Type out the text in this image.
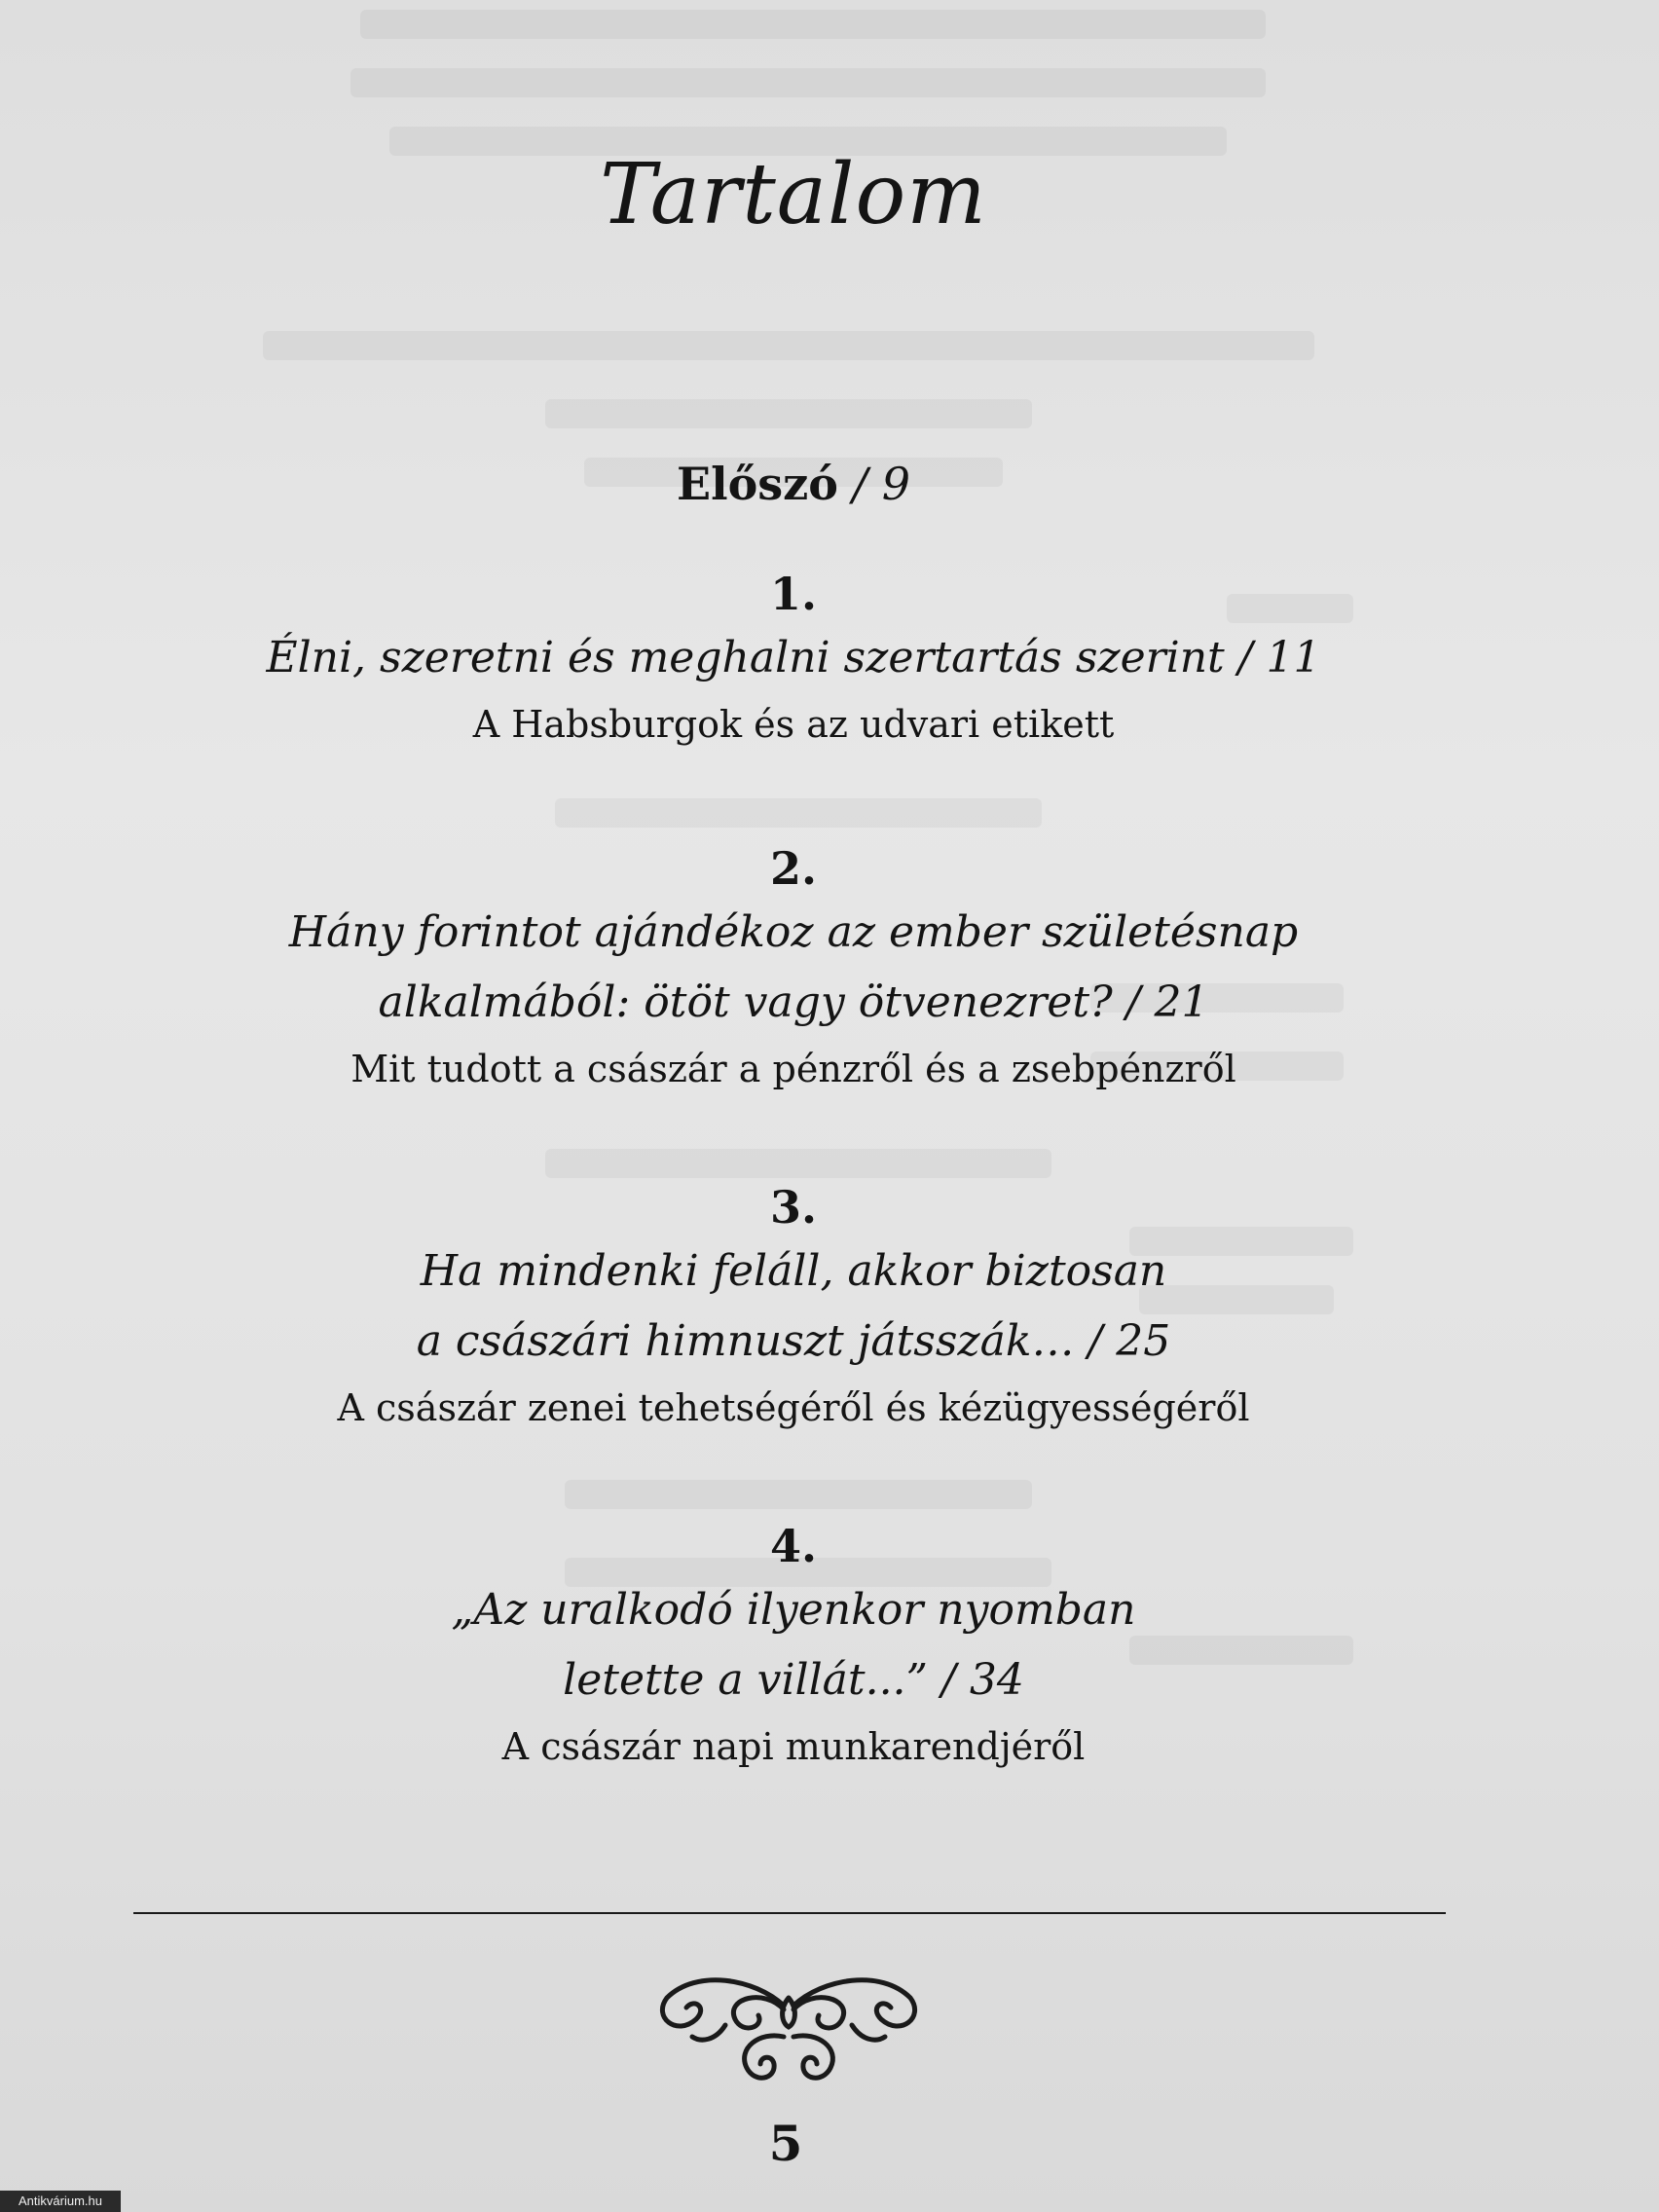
Tartalom
Előszó / 9
1.
Élni, szeretni és meghalni szertartás szerint / 11
A Habsburgok és az udvari etikett
2.
Hány forintot ajándékoz az ember születésnap
alkalmából: ötöt vagy ötvenezret? / 21
Mit tudott a császár a pénzről és a zsebpénzről
3.
Ha mindenki feláll, akkor biztosan
a császári himnuszt játsszák… / 25
A császár zenei tehetségéről és kézügyességéről
4.
„Az uralkodó ilyenkor nyomban
letette a villát...” / 34
A császár napi munkarendjéről
5
Antikvárium.hu
